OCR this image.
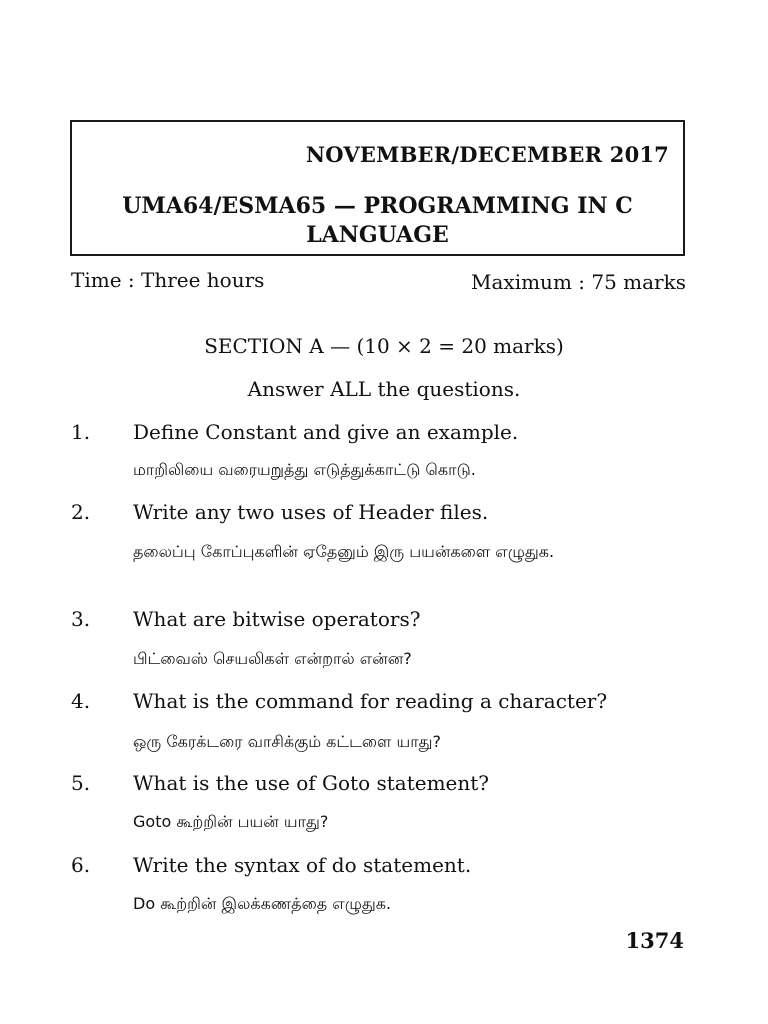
NOVEMBER/DECEMBER 2017
UMA64/ESMA65 — PROGRAMMING IN C
LANGUAGE
Time : Three hours	Maximum : 75 marks
SECTION A — (10 × 2 = 20 marks)
Answer ALL the questions.
1. Define Constant and give an example.
மாறிலியை வரையறுத்து எடுத்துக்காட்டு கொடு.
2. Write any two uses of Header files.
தலைப்பு கோப்புகளின் ஏதேனும் இரு பயன்களை எழுதுக.
3. What are bitwise operators?
பிட்வைஸ் செயலிகள் என்றால் என்ன?
4. What is the command for reading a character?
ஒரு கேரக்டரை வாசிக்கும் கட்டளை யாது?
5. What is the use of Goto statement?
Goto கூற்றின் பயன் யாது?
6. Write the syntax of do statement.
Do கூற்றின் இலக்கணத்தை எழுதுக.
1374
